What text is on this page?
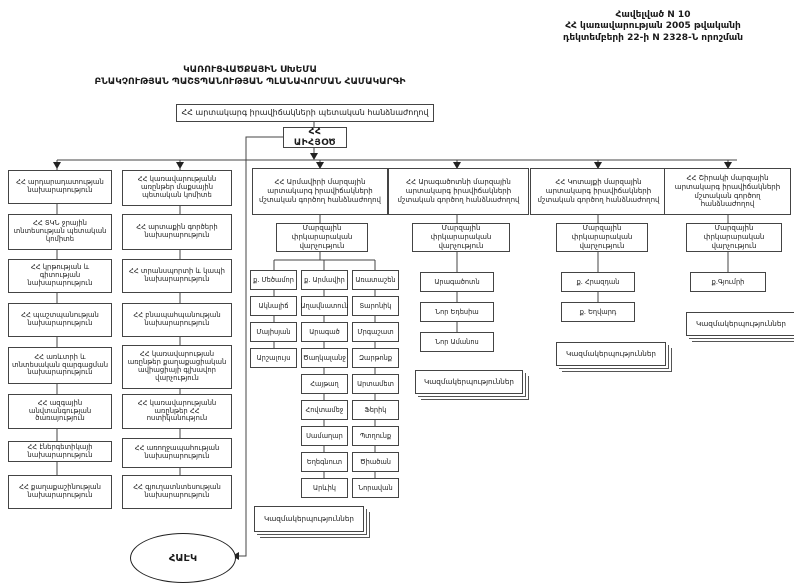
Հավելված N 10
ՀՀ կառավարության 2005 թվականի
դեկտեմբերի 22-ի N 2328-Ն որոշման
ԿԱՌՈՒՑՎԱԾՔԱՅԻՆ ՍԽԵՄԱ
ԲՆԱԿՉՈՒԹՅԱՆ ՊԱՇՏՊԱՆՈՒԹՅԱՆ ՊԼԱՆԱՎՈՐՄԱՆ ՀԱՄԱԿԱՐԳԻ
ՀՀ արտակարգ իրավիճակների պետական հանձնաժողով
ՀՀ ԱԻՀՅՕԾ
ՀՀ արդարադատության նախարարություն
ՀՀ ՏԿՆ ջրային տնտեսության պետական կոմիտե
ՀՀ կրթության և գիտության նախարարություն
ՀՀ պաշտպանության նախարարություն
ՀՀ առևտրի և տնտեսական զարգացման նախարարություն
ՀՀ ազգային անվտանգության ծառայություն
ՀՀ էներգետիկայի նախարարություն
ՀՀ քաղաքաշինության նախարարություն
ՀՀ կառավարությանն առընթեր մաքսային պետական կոմիտե
ՀՀ արտաքին գործերի նախարարություն
ՀՀ տրանսպորտի և կապի նախարարություն
ՀՀ բնապահպանության նախարարություն
ՀՀ կառավարության առընթեր քաղաքացիական ավիացիայի գլխավոր վարչություն
ՀՀ կառավարությանն առընթեր ՀՀ ոստիկանություն
ՀՀ առողջապահության նախարարություն
ՀՀ գյուղատնտեսության նախարարություն
ՀՀ Արմավիրի մարզային արտակարգ իրավիճակների մշտական գործող հանձնաժողով
ՀՀ Արագածոտնի մարզային արտակարգ իրավիճակների մշտական գործող հանձնաժողով
ՀՀ Կոտայքի մարզային արտակարգ իրավիճակների մշտական գործող հանձնաժողով
ՀՀ Շիրակի մարզային արտակարգ իրավիճակների մշտական գործող հանձնաժողով
Մարզային փրկարարական վարչություն
Մարզային փրկարարական վարչություն
Մարզային փրկարարական վարչություն
Մարզային փրկարարական վարչություն
ք. Մեծամոր
Ակնալիճ
Մայիսյան
Արշալույս
ք. Արմավիր
Աղավնատուն
Արագած
Ծաղկալանջ
Հայթաղ
Հովտամեջ
Սամաղար
Եղեգնուտ
Արևիկ
Առատաշեն
Տարոնիկ
Մրգաշատ
Զարթոնք
Արտամետ
Ֆերիկ
Պտղունք
Ծիածան
Նորավան
Կազմակերպություններ
Արագածոտն
Նոր Եդեսիա
Նոր Ամանոս
Կազմակերպություններ
ք. Հրազդան
ք. Եղվարդ
Կազմակերպություններ
ք.Գյումրի
Կազմակերպություններ
ՀԱԷԿ
